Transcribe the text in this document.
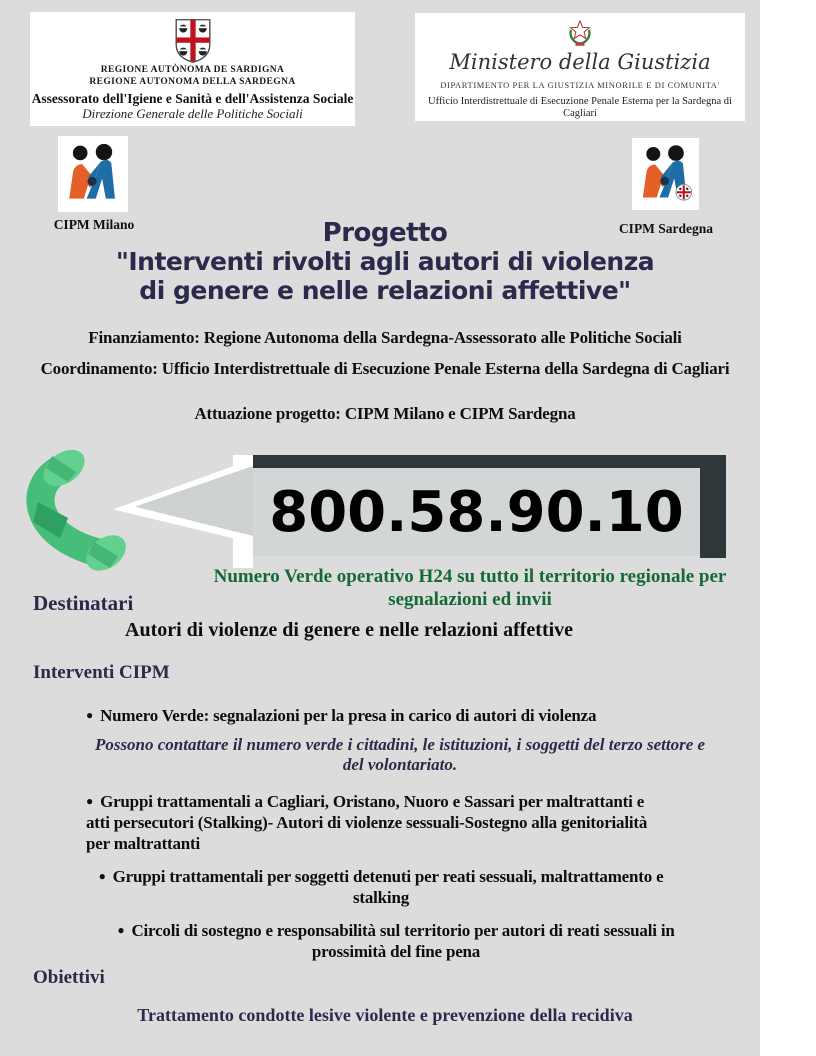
REGIONE AUTÒNOMA DE SARDIGNA
REGIONE AUTONOMA DELLA SARDEGNA
Assessorato dell'Igiene e Sanità e dell'Assistenza Sociale
Direzione Generale delle Politiche Sociali
Ministero della Giustizia
DIPARTIMENTO PER LA GIUSTIZIA MINORILE E DI COMUNITA'
Ufficio Interdistrettuale di Esecuzione Penale Esterna per la Sardegna di Cagliari
CIPM Milano	CIPM Sardegna
Progetto
"Interventi rivolti agli autori di violenza
di genere e nelle relazioni affettive"
Finanziamento: Regione Autonoma della Sardegna-Assessorato alle Politiche Sociali
Coordinamento: Ufficio Interdistrettuale di Esecuzione Penale Esterna della Sardegna di Cagliari
Attuazione progetto: CIPM Milano e CIPM Sardegna
800.58.90.10
Numero Verde operativo H24 su tutto il territorio regionale per segnalazioni ed invii
Destinatari
Autori di violenze di genere e nelle relazioni affettive
Interventi CIPM
● Numero Verde: segnalazioni per la presa in carico di autori di violenza
Possono contattare il numero verde i cittadini, le istituzioni, i soggetti del terzo settore e del volontariato.
● Gruppi trattamentali a Cagliari, Oristano, Nuoro e Sassari per maltrattanti e atti persecutori (Stalking)- Autori di violenze sessuali-Sostegno alla genitorialità per maltrattanti
● Gruppi trattamentali per soggetti detenuti per reati sessuali, maltrattamento e stalking
● Circoli di sostegno e responsabilità sul territorio per autori di reati sessuali in prossimità del fine pena
Obiettivi
Trattamento condotte lesive violente e prevenzione della recidiva
